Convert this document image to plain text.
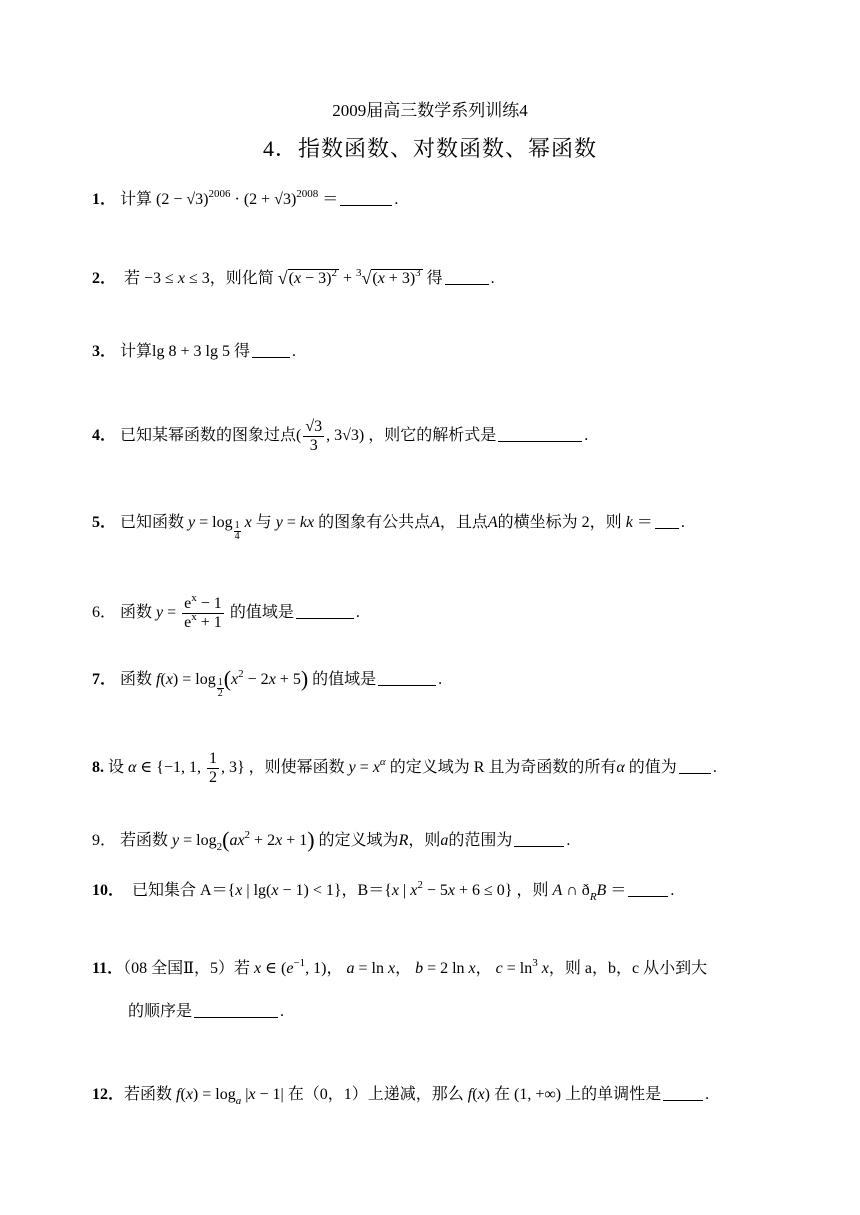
2009届高三数学系列训练4
4．指数函数、对数函数、幂函数
1． 计算 $(2 - √3)^{2006} \cdot (2 + √3)^{2008}$ ＝	.
2． 若 −3 ≤ x ≤ 3，则化简 $√(x - 3)^2 + ^3√(x + 3)^3$ 得	.
3． 计算lg 8 + 3 lg 5 得	.
4． 已知某幂函数的图象过点( $\frac{√3}{3}$ , 3√3) ，则它的解析式是	.
5． 已知函数 $y = \log \frac{1}{4}$ x 与 y = kx 的图象有公共点A，且点A的横坐标为 2，则 k ＝ .
6． 函数 $y = \frac{e^x - 1}{e^x + 1}$ 的值域是	.
7． 函数 $f(x) = \log \frac{1}{2} (x^2 - 2x + 5)$ 的值域是	.
8. 设 α ∈ {−1, 1, $\frac{1}{2}$ , 3} ，则使幂函数 $y = x^\alpha$ 的定义域为 R 且为奇函数的所有α 的值为 .
9． 若函数 $y = \log_2(ax^2 + 2x + 1)$ 的定义域为R，则a的范围为	.
10． 已知集合 A＝{x | lg(x − 1) < 1}，B＝{x | $x^2 - 5x + 6 \le 0$} ，则 A ∩ $ð_RB$ ＝	.
11．（08 全国Ⅱ，5）若 x ∈ ($e^{-1}$, 1)， a = ln x， b = 2 ln x， $c = \ln^3 x$，则 a，b，c 从小到大
的顺序是	.
12．若函数 $f(x) = \log_a |x - 1|$ 在（0，1）上递减，那么 f(x) 在 (1, +∞) 上的单调性是	.
